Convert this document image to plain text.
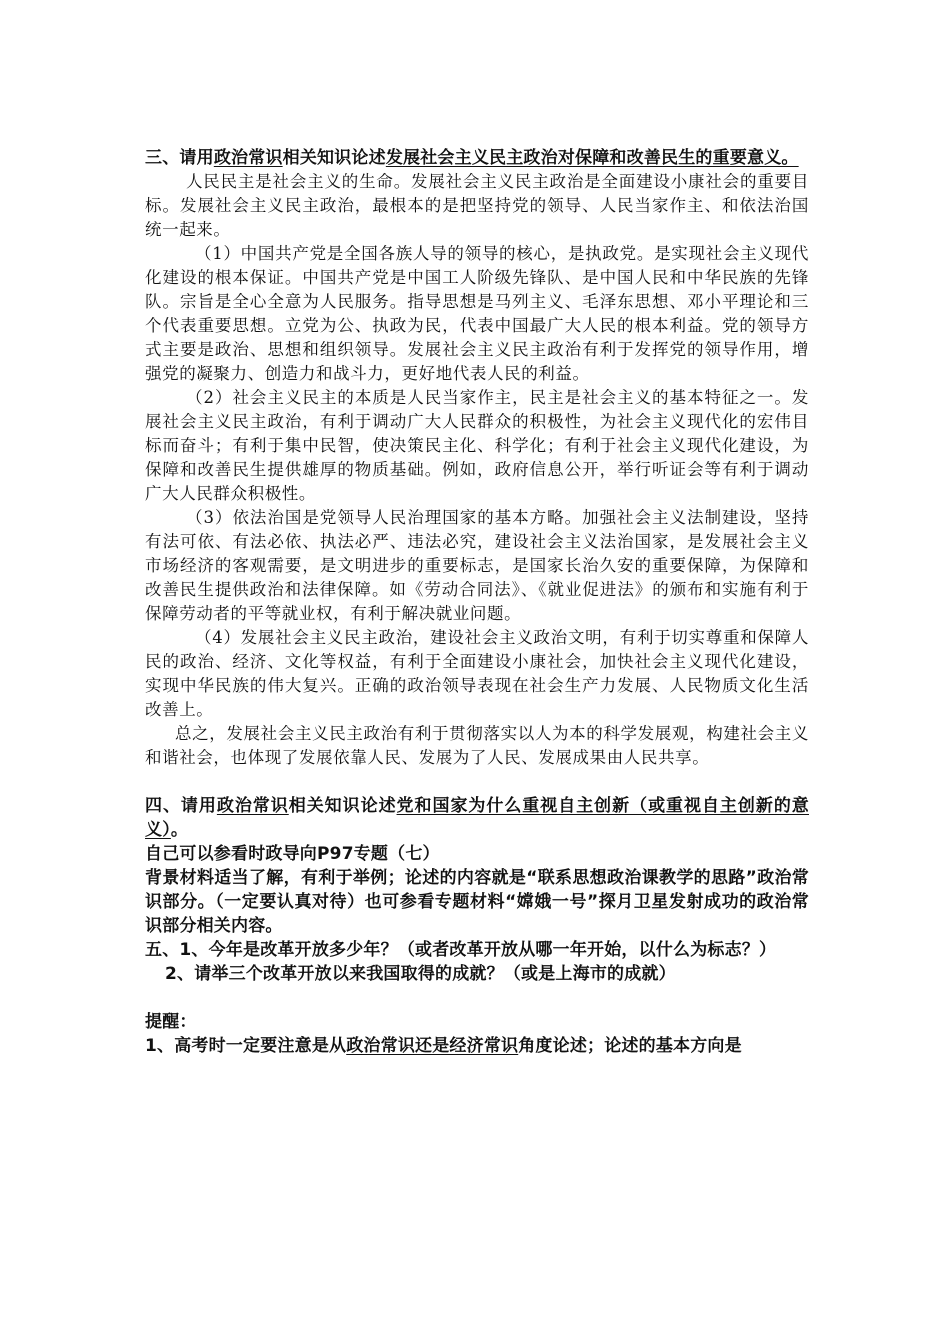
三、请用政治常识相关知识论述发展社会主义民主政治对保障和改善民生的重要意义。

人民民主是社会主义的生命。发展社会主义民主政治是全面建设小康社会的重要目标。发展社会主义民主政治，最根本的是把坚持党的领导、人民当家作主、和依法治国统一起来。

（1）中国共产党是全国各族人导的领导的核心，是执政党。是实现社会主义现代化建设的根本保证。中国共产党是中国工人阶级先锋队、是中国人民和中华民族的先锋队。宗旨是全心全意为人民服务。指导思想是马列主义、毛泽东思想、邓小平理论和三个代表重要思想。立党为公、执政为民，代表中国最广大人民的根本利益。党的领导方式主要是政治、思想和组织领导。发展社会主义民主政治有利于发挥党的领导作用，增强党的凝聚力、创造力和战斗力，更好地代表人民的利益。

（2）社会主义民主的本质是人民当家作主，民主是社会主义的基本特征之一。发展社会主义民主政治，有利于调动广大人民群众的积极性，为社会主义现代化的宏伟目标而奋斗；有利于集中民智，使决策民主化、科学化；有利于社会主义现代化建设，为保障和改善民生提供雄厚的物质基础。例如，政府信息公开，举行听证会等有利于调动广大人民群众积极性。

（3）依法治国是党领导人民治理国家的基本方略。加强社会主义法制建设，坚持有法可依、有法必依、执法必严、违法必究，建设社会主义法治国家，是发展社会主义市场经济的客观需要，是文明进步的重要标志，是国家长治久安的重要保障，为保障和改善民生提供政治和法律保障。如《劳动合同法》、《就业促进法》的颁布和实施有利于保障劳动者的平等就业权，有利于解决就业问题。

（4）发展社会主义民主政治，建设社会主义政治文明，有利于切实尊重和保障人民的政治、经济、文化等权益，有利于全面建设小康社会，加快社会主义现代化建设，实现中华民族的伟大复兴。正确的政治领导表现在社会生产力发展、人民物质文化生活改善上。

总之，发展社会主义民主政治有利于贯彻落实以人为本的科学发展观，构建社会主义和谐社会，也体现了发展依靠人民、发展为了人民、发展成果由人民共享。

四、请用政治常识相关知识论述党和国家为什么重视自主创新（或重视自主创新的意义）。
自己可以参看时政导向P97专题（七）
背景材料适当了解，有利于举例；论述的内容就是“联系思想政治课教学的思路”政治常识部分。（一定要认真对待）也可参看专题材料“嫦娥一号”探月卫星发射成功的政治常识部分相关内容。
五、1、今年是改革开放多少年？（或者改革开放从哪一年开始，以什么为标志？）
2、请举三个改革开放以来我国取得的成就？（或是上海市的成就）
提醒：
1、高考时一定要注意是从政治常识还是经济常识角度论述；论述的基本方向是
